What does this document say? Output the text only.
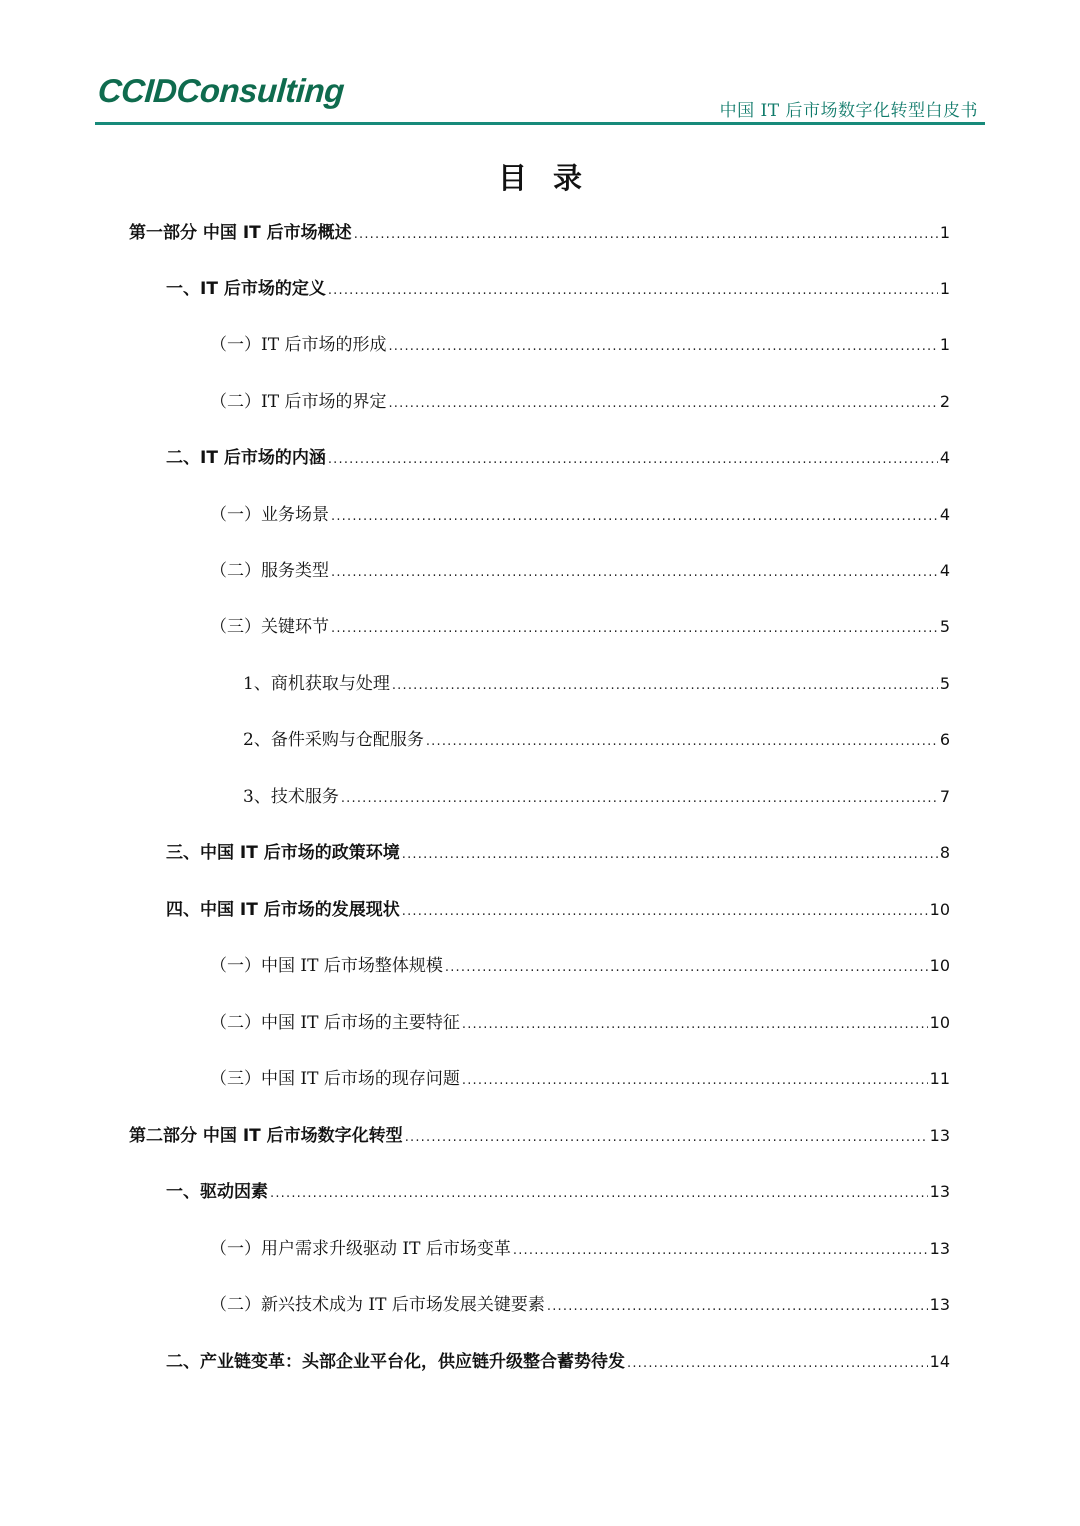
CCIDConsulting
中国 IT 后市场数字化转型白皮书
目录
第一部分 中国 IT 后市场概述 .....	1
一、IT 后市场的定义 .....	1
（一）IT 后市场的形成 .....	1
（二）IT 后市场的界定 .....	2
二、IT 后市场的内涵 .....	4
（一）业务场景 .....	4
（二）服务类型 .....	4
（三）关键环节 .....	5
1、商机获取与处理 .....	5
2、备件采购与仓配服务 .....	6
3、技术服务 .....	7
三、中国 IT 后市场的政策环境 .....	8
四、中国 IT 后市场的发展现状 .....	10
（一）中国 IT 后市场整体规模 .....	10
（二）中国 IT 后市场的主要特征 .....	10
（三）中国 IT 后市场的现存问题 .....	11
第二部分 中国 IT 后市场数字化转型 .....	13
一、驱动因素 .....	13
（一）用户需求升级驱动 IT 后市场变革 .....	13
（二）新兴技术成为 IT 后市场发展关键要素 .....	13
二、产业链变革：头部企业平台化，供应链升级整合蓄势待发 .....	14
